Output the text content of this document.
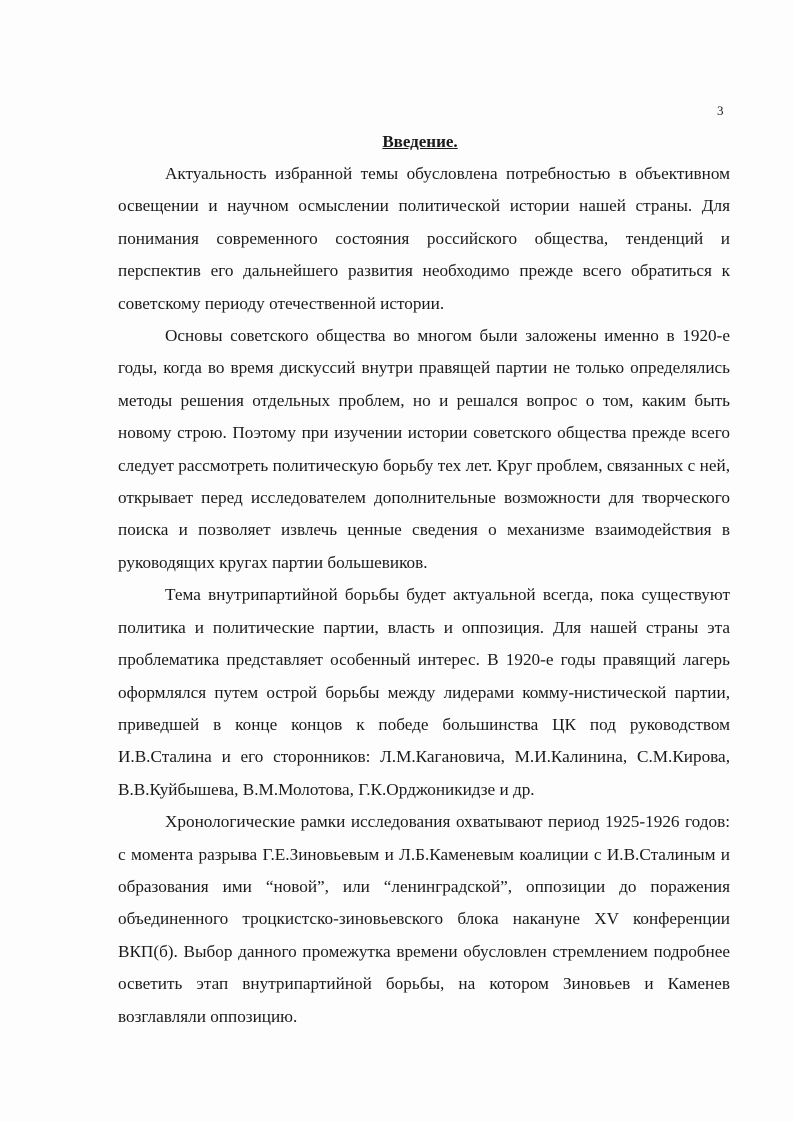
3
Введение.

Актуальность избранной темы обусловлена потребностью в объективном освещении и научном осмыслении политической истории нашей страны. Для понимания современного состояния российского общества, тенденций и перспектив его дальнейшего развития необходимо прежде всего обратиться к советскому периоду отечественной истории.

Основы советского общества во многом были заложены именно в 1920-е годы, когда во время дискуссий внутри правящей партии не только определялись методы решения отдельных проблем, но и решался вопрос о том, каким быть новому строю. Поэтому при изучении истории советского общества прежде всего следует рассмотреть политическую борьбу тех лет. Круг проблем, связанных с ней, открывает перед исследователем дополнительные возможности для творческого поиска и позволяет извлечь ценные сведения о механизме взаимодействия в руководящих кругах партии большевиков.

Тема внутрипартийной борьбы будет актуальной всегда, пока существуют политика и политические партии, власть и оппозиция. Для нашей страны эта проблематика представляет особенный интерес. В 1920-е годы правящий лагерь оформлялся путем острой борьбы между лидерами комму-нистической партии, приведшей в конце концов к победе большинства ЦК под руководством И.В.Сталина и его сторонников: Л.М.Кагановича, М.И.Калинина, С.М.Кирова, В.В.Куйбышева, В.М.Молотова, Г.К.Орджоникидзе и др.

Хронологические рамки исследования охватывают период 1925-1926 годов: с момента разрыва Г.Е.Зиновьевым и Л.Б.Каменевым коалиции с И.В.Сталиным и образования ими “новой”, или “ленинградской”, оппозиции до поражения объединенного троцкистско-зиновьевского блока накануне XV конференции ВКП(б). Выбор данного промежутка времени обусловлен стремлением подробнее осветить этап внутрипартийной борьбы, на котором Зиновьев и Каменев возглавляли оппозицию.
